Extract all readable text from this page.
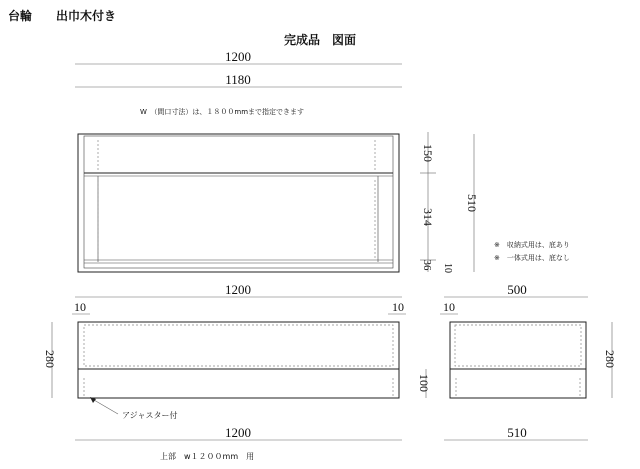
台輪　　出巾木付き
完成品　図面
1200
1180
W　（間口寸法）は、１８００mmまで指定できます
150
314
36 10
510
※　収納式用は、底あり
※　一体式用は、底なし
1200
10	10
280
100
アジャスター付
1200
上部　w１２００mm　用
500
10
280
510
